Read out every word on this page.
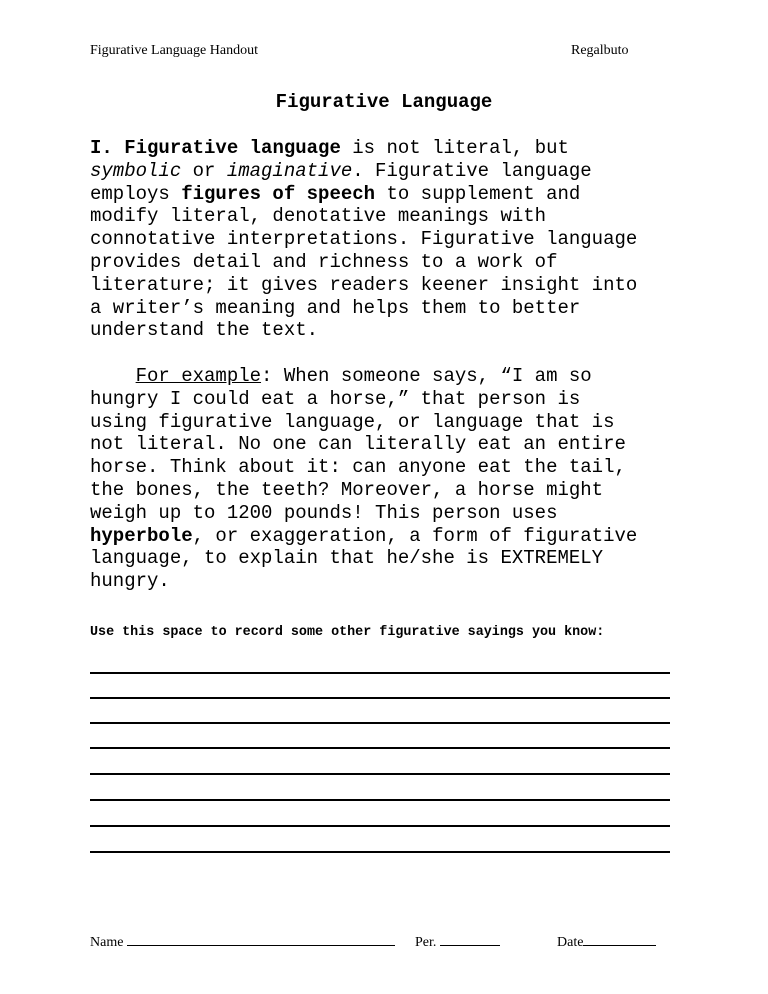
Figurative Language Handout	Regalbuto
Figurative Language
I. Figurative language is not literal, but
symbolic or imaginative. Figurative language
employs figures of speech to supplement and
modify literal, denotative meanings with
connotative interpretations. Figurative language
provides detail and richness to a work of
literature; it gives readers keener insight into
a writer’s meaning and helps them to better
understand the text.
For example: When someone says, “I am so
hungry I could eat a horse,” that person is
using figurative language, or language that is
not literal. No one can literally eat an entire
horse. Think about it: can anyone eat the tail,
the bones, the teeth? Moreover, a horse might
weigh up to 1200 pounds! This person uses
hyperbole, or exaggeration, a form of figurative
language, to explain that he/she is EXTREMELY
hungry.
Use this space to record some other figurative sayings you know:
Name	Per.	Date
